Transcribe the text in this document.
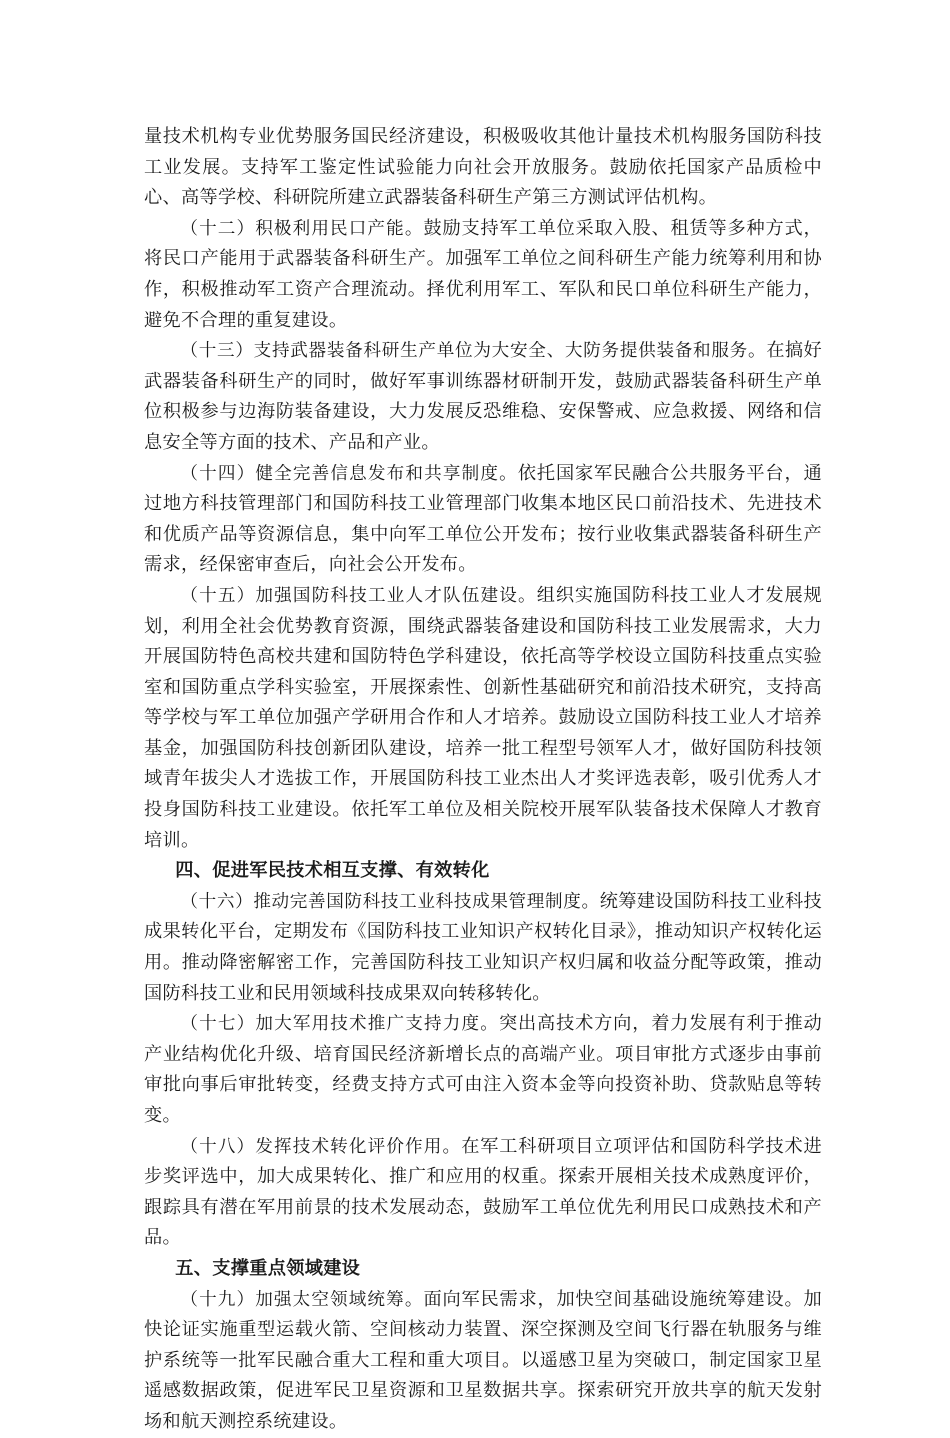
量技术机构专业优势服务国民经济建设，积极吸收其他计量技术机构服务国防科技工业发展。支持军工鉴定性试验能力向社会开放服务。鼓励依托国家产品质检中心、高等学校、科研院所建立武器装备科研生产第三方测试评估机构。

（十二）积极利用民口产能。鼓励支持军工单位采取入股、租赁等多种方式，将民口产能用于武器装备科研生产。加强军工单位之间科研生产能力统筹利用和协作，积极推动军工资产合理流动。择优利用军工、军队和民口单位科研生产能力，避免不合理的重复建设。

（十三）支持武器装备科研生产单位为大安全、大防务提供装备和服务。在搞好武器装备科研生产的同时，做好军事训练器材研制开发，鼓励武器装备科研生产单位积极参与边海防装备建设，大力发展反恐维稳、安保警戒、应急救援、网络和信息安全等方面的技术、产品和产业。

（十四）健全完善信息发布和共享制度。依托国家军民融合公共服务平台，通过地方科技管理部门和国防科技工业管理部门收集本地区民口前沿技术、先进技术和优质产品等资源信息，集中向军工单位公开发布；按行业收集武器装备科研生产需求，经保密审查后，向社会公开发布。

（十五）加强国防科技工业人才队伍建设。组织实施国防科技工业人才发展规划，利用全社会优势教育资源，围绕武器装备建设和国防科技工业发展需求，大力开展国防特色高校共建和国防特色学科建设，依托高等学校设立国防科技重点实验室和国防重点学科实验室，开展探索性、创新性基础研究和前沿技术研究，支持高等学校与军工单位加强产学研用合作和人才培养。鼓励设立国防科技工业人才培养基金，加强国防科技创新团队建设，培养一批工程型号领军人才，做好国防科技领域青年拔尖人才选拔工作，开展国防科技工业杰出人才奖评选表彰，吸引优秀人才投身国防科技工业建设。依托军工单位及相关院校开展军队装备技术保障人才教育培训。

四、促进军民技术相互支撑、有效转化

（十六）推动完善国防科技工业科技成果管理制度。统筹建设国防科技工业科技成果转化平台，定期发布《国防科技工业知识产权转化目录》，推动知识产权转化运用。推动降密解密工作，完善国防科技工业知识产权归属和收益分配等政策，推动国防科技工业和民用领域科技成果双向转移转化。

（十七）加大军用技术推广支持力度。突出高技术方向，着力发展有利于推动产业结构优化升级、培育国民经济新增长点的高端产业。项目审批方式逐步由事前审批向事后审批转变，经费支持方式可由注入资本金等向投资补助、贷款贴息等转变。

（十八）发挥技术转化评价作用。在军工科研项目立项评估和国防科学技术进步奖评选中，加大成果转化、推广和应用的权重。探索开展相关技术成熟度评价，跟踪具有潜在军用前景的技术发展动态，鼓励军工单位优先利用民口成熟技术和产品。

五、支撑重点领域建设

（十九）加强太空领域统筹。面向军民需求，加快空间基础设施统筹建设。加快论证实施重型运载火箭、空间核动力装置、深空探测及空间飞行器在轨服务与维护系统等一批军民融合重大工程和重大项目。以遥感卫星为突破口，制定国家卫星遥感数据政策，促进军民卫星资源和卫星数据共享。探索研究开放共享的航天发射场和航天测控系统建设。
